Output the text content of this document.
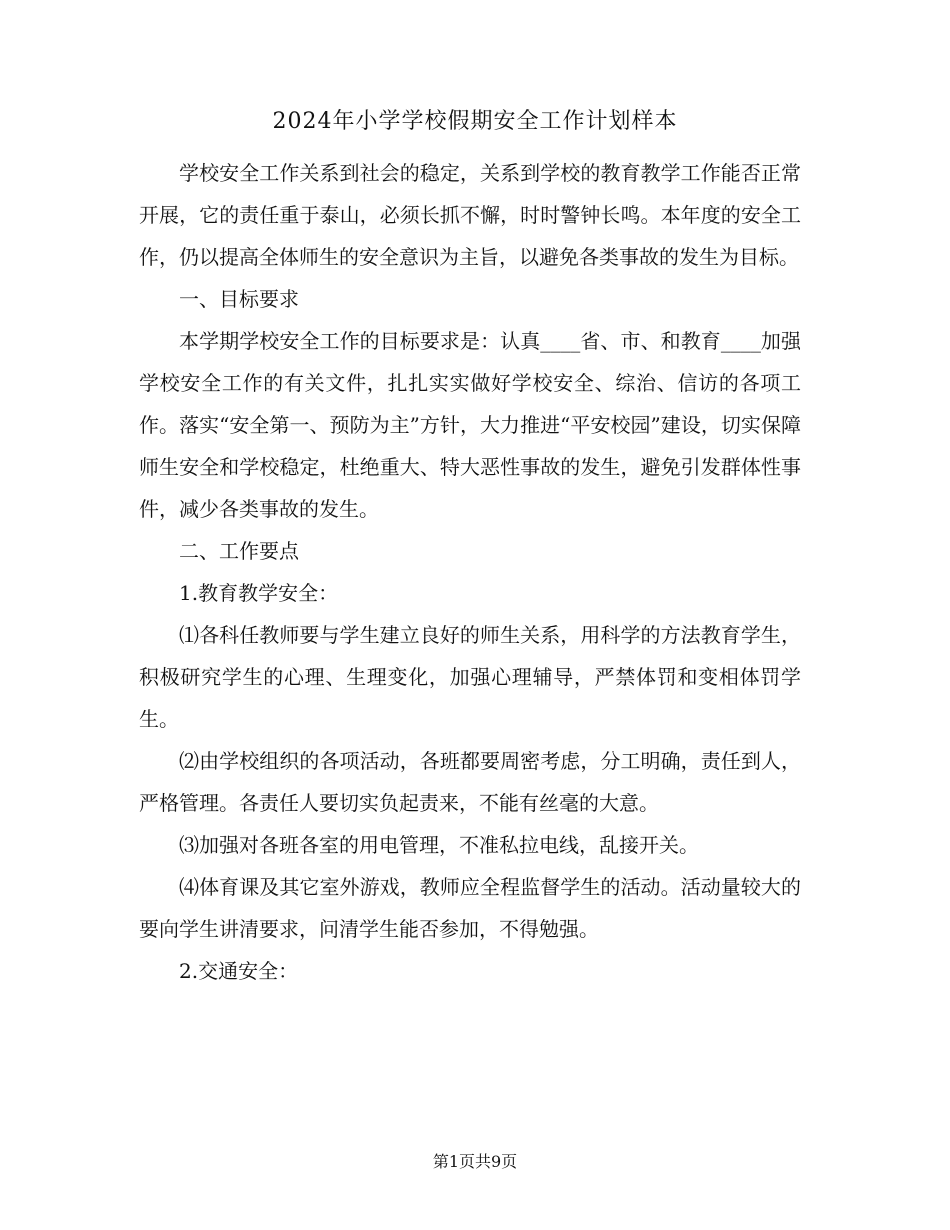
2024年小学学校假期安全工作计划样本

学校安全工作关系到社会的稳定，关系到学校的教育教学工作能否正常开展，它的责任重于泰山，必须长抓不懈，时时警钟长鸣。本年度的安全工作，仍以提高全体师生的安全意识为主旨，以避免各类事故的发生为目标。

一、目标要求

本学期学校安全工作的目标要求是：认真____省、市、和教育____加强学校安全工作的有关文件，扎扎实实做好学校安全、综治、信访的各项工作。落实“安全第一、预防为主”方针，大力推进“平安校园”建设，切实保障师生安全和学校稳定，杜绝重大、特大恶性事故的发生，避免引发群体性事件，减少各类事故的发生。

二、工作要点

1.教育教学安全：

⑴各科任教师要与学生建立良好的师生关系，用科学的方法教育学生，积极研究学生的心理、生理变化，加强心理辅导，严禁体罚和变相体罚学生。

⑵由学校组织的各项活动，各班都要周密考虑，分工明确，责任到人，严格管理。各责任人要切实负起责来，不能有丝毫的大意。

⑶加强对各班各室的用电管理，不准私拉电线，乱接开关。

⑷体育课及其它室外游戏，教师应全程监督学生的活动。活动量较大的要向学生讲清要求，问清学生能否参加，不得勉强。

2.交通安全：

第1页共9页
